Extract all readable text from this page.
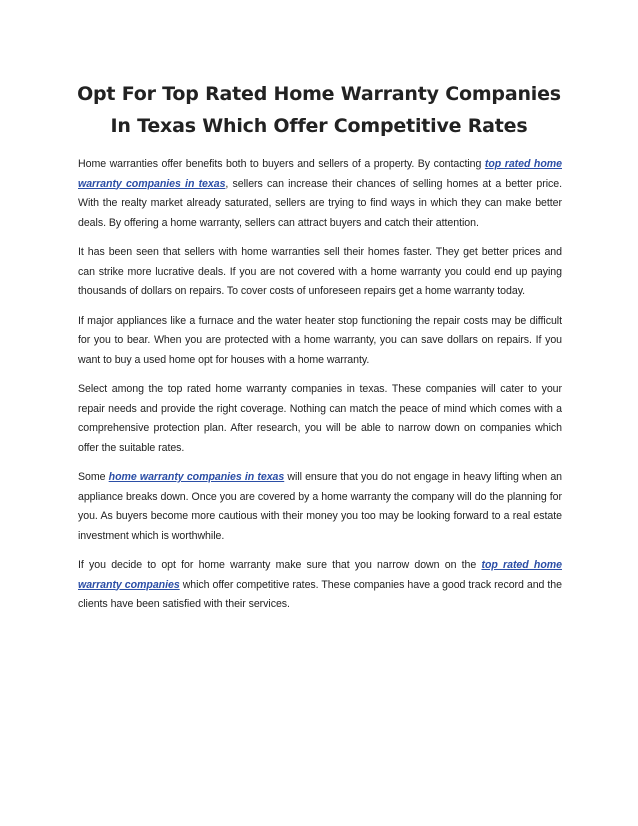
Opt For Top Rated Home Warranty Companies
In Texas Which Offer Competitive Rates

Home warranties offer benefits both to buyers and sellers of a property. By contacting top rated home warranty companies in texas, sellers can increase their chances of selling homes at a better price. With the realty market already saturated, sellers are trying to find ways in which they can make better deals. By offering a home warranty, sellers can attract buyers and catch their attention.

It has been seen that sellers with home warranties sell their homes faster. They get better prices and can strike more lucrative deals. If you are not covered with a home warranty you could end up paying thousands of dollars on repairs. To cover costs of unforeseen repairs get a home warranty today.

If major appliances like a furnace and the water heater stop functioning the repair costs may be difficult for you to bear. When you are protected with a home warranty, you can save dollars on repairs. If you want to buy a used home opt for houses with a home warranty.

Select among the top rated home warranty companies in texas. These companies will cater to your repair needs and provide the right coverage. Nothing can match the peace of mind which comes with a comprehensive protection plan. After research, you will be able to narrow down on companies which offer the suitable rates.

Some home warranty companies in texas will ensure that you do not engage in heavy lifting when an appliance breaks down. Once you are covered by a home warranty the company will do the planning for you. As buyers become more cautious with their money you too may be looking forward to a real estate investment which is worthwhile.

If you decide to opt for home warranty make sure that you narrow down on the top rated home warranty companies which offer competitive rates. These companies have a good track record and the clients have been satisfied with their services.
